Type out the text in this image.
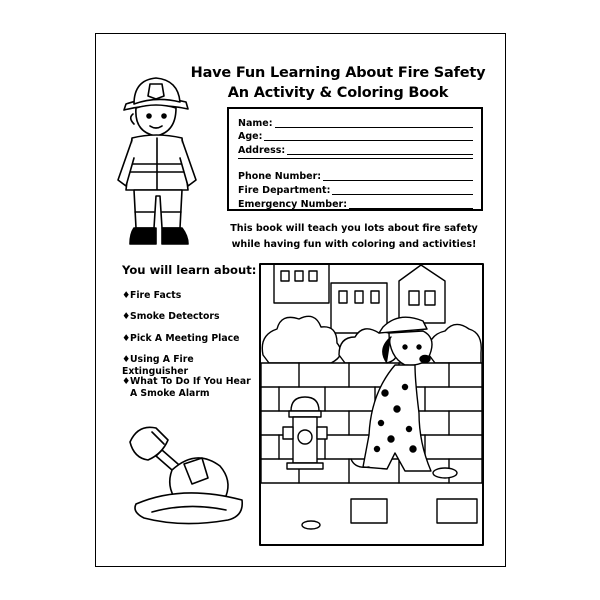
Have Fun Learning About Fire Safety
An Activity & Coloring Book
Name:
Age:
Address:
Phone Number:
Fire Department:
Emergency Number:
This book will teach you lots about fire safety
while having fun with coloring and activities!
You will learn about:
♦Fire Facts
♦Smoke Detectors
♦Pick A Meeting Place
♦Using A Fire Extinguisher
♦What To Do If You Hear
A Smoke Alarm
